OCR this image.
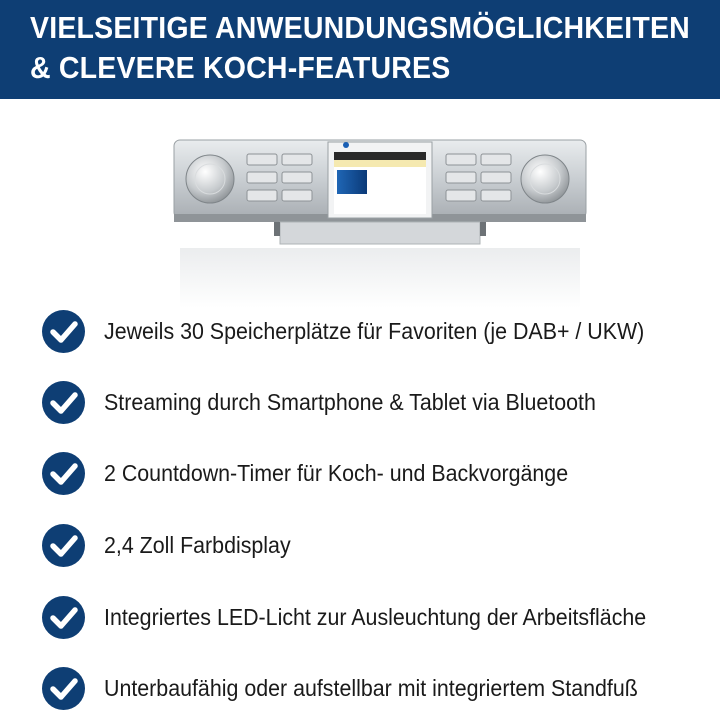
VIELSEITIGE ANWEUNDUNGSMÖGLICHKEITEN
& CLEVERE KOCH-FEATURES
Jeweils 30 Speicherplätze für Favoriten (je DAB+ / UKW)
Streaming durch Smartphone & Tablet via Bluetooth
2 Countdown-Timer für Koch- und Backvorgänge
2,4 Zoll Farbdisplay
Integriertes LED-Licht zur Ausleuchtung der Arbeitsfläche
Unterbaufähig oder aufstellbar mit integriertem Standfuß
